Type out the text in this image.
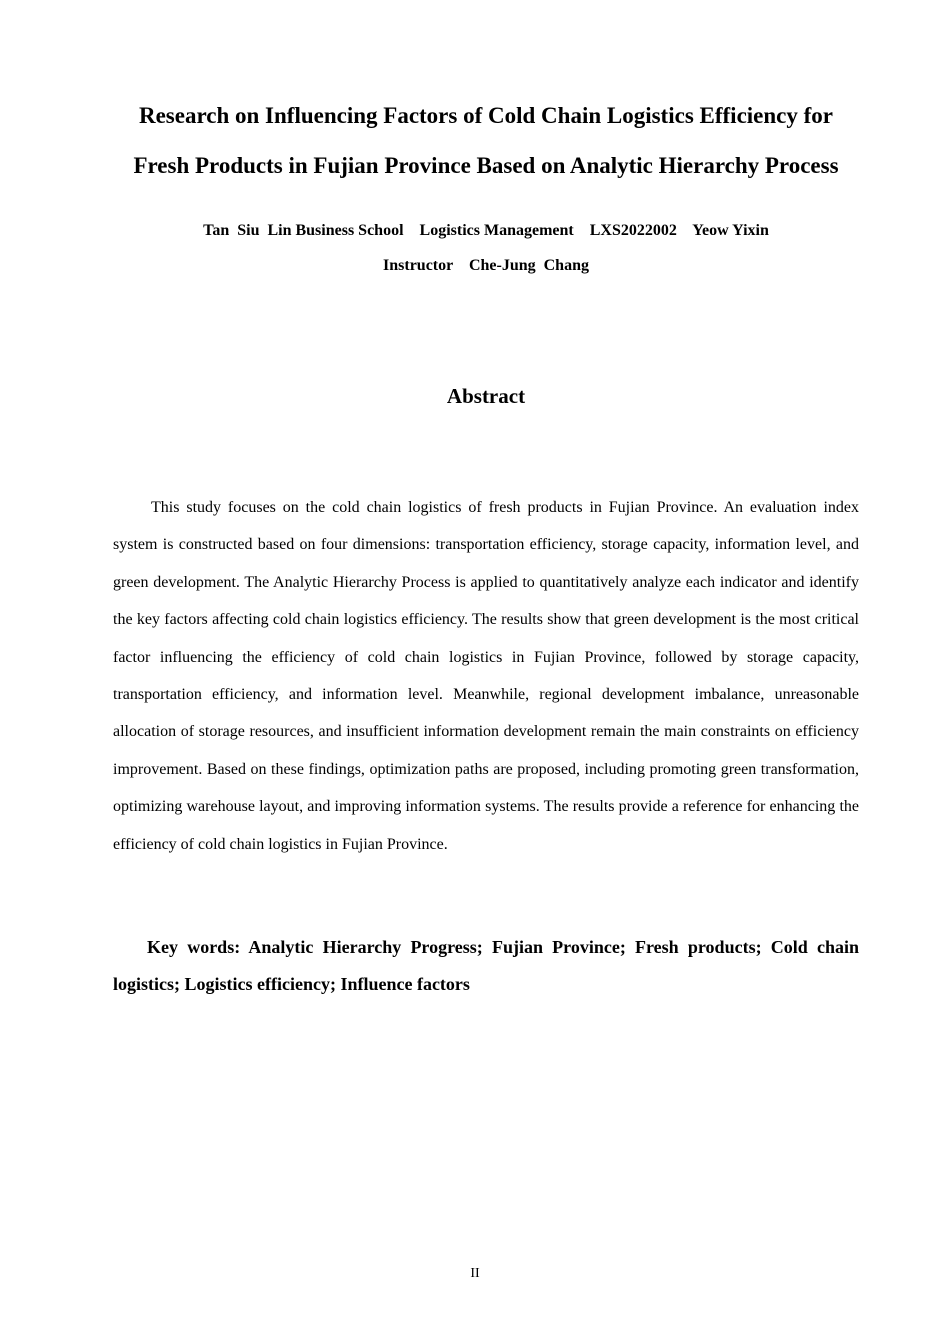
Research on Influencing Factors of Cold Chain Logistics Efficiency for
Fresh Products in Fujian Province Based on Analytic Hierarchy Process
Tan  Siu  Lin Business School    Logistics Management    LXS2022002    Yeow Yixin
Instructor    Che-Jung  Chang
Abstract

This study focuses on the cold chain logistics of fresh products in Fujian Province. An evaluation index system is constructed based on four dimensions: transportation efficiency, storage capacity, information level, and green development. The Analytic Hierarchy Process is applied to quantitatively analyze each indicator and identify the key factors affecting cold chain logistics efficiency. The results show that green development is the most critical factor influencing the efficiency of cold chain logistics in Fujian Province, followed by storage capacity, transportation efficiency, and information level. Meanwhile, regional development imbalance, unreasonable allocation of storage resources, and insufficient information development remain the main constraints on efficiency improvement. Based on these findings, optimization paths are proposed, including promoting green transformation, optimizing warehouse layout, and improving information systems. The results provide a reference for enhancing the efficiency of cold chain logistics in Fujian Province.

Key words: Analytic Hierarchy Progress; Fujian Province; Fresh products; Cold chain logistics; Logistics efficiency; Influence factors

II
